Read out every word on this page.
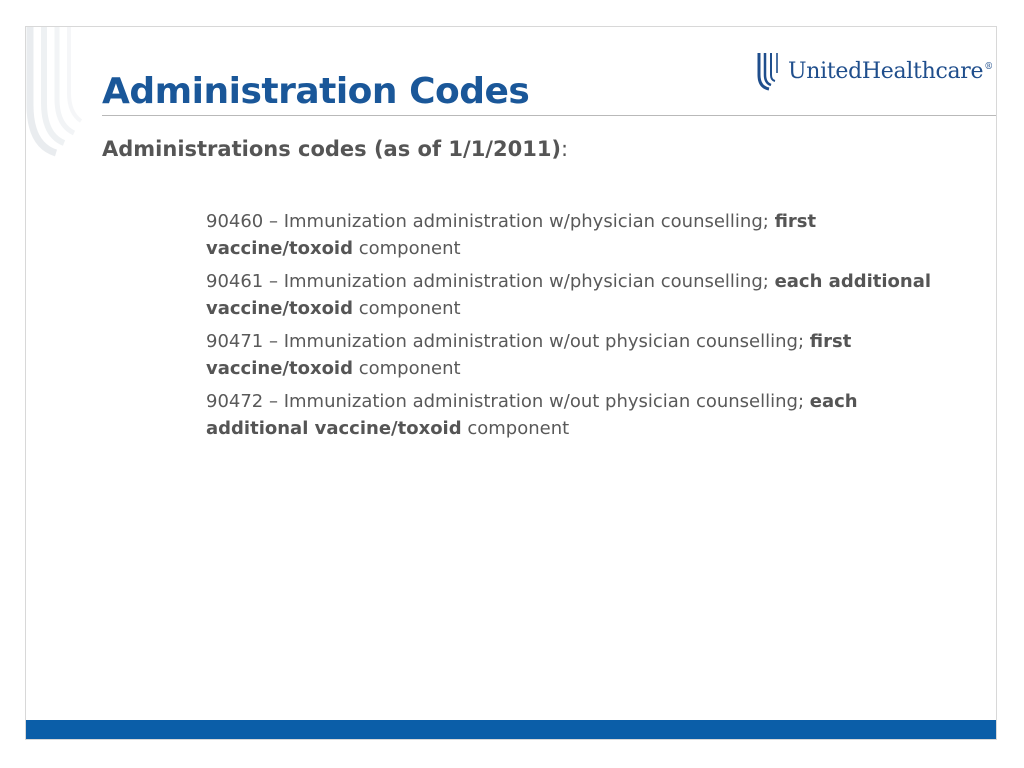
UnitedHealthcare®
Administration Codes

Administrations codes (as of 1/1/2011):

90460 – Immunization administration w/physician counselling; first vaccine/toxoid component
90461 – Immunization administration w/physician counselling; each additional vaccine/toxoid component
90471 – Immunization administration w/out physician counselling; first vaccine/toxoid component
90472 – Immunization administration w/out physician counselling; each additional vaccine/toxoid component
